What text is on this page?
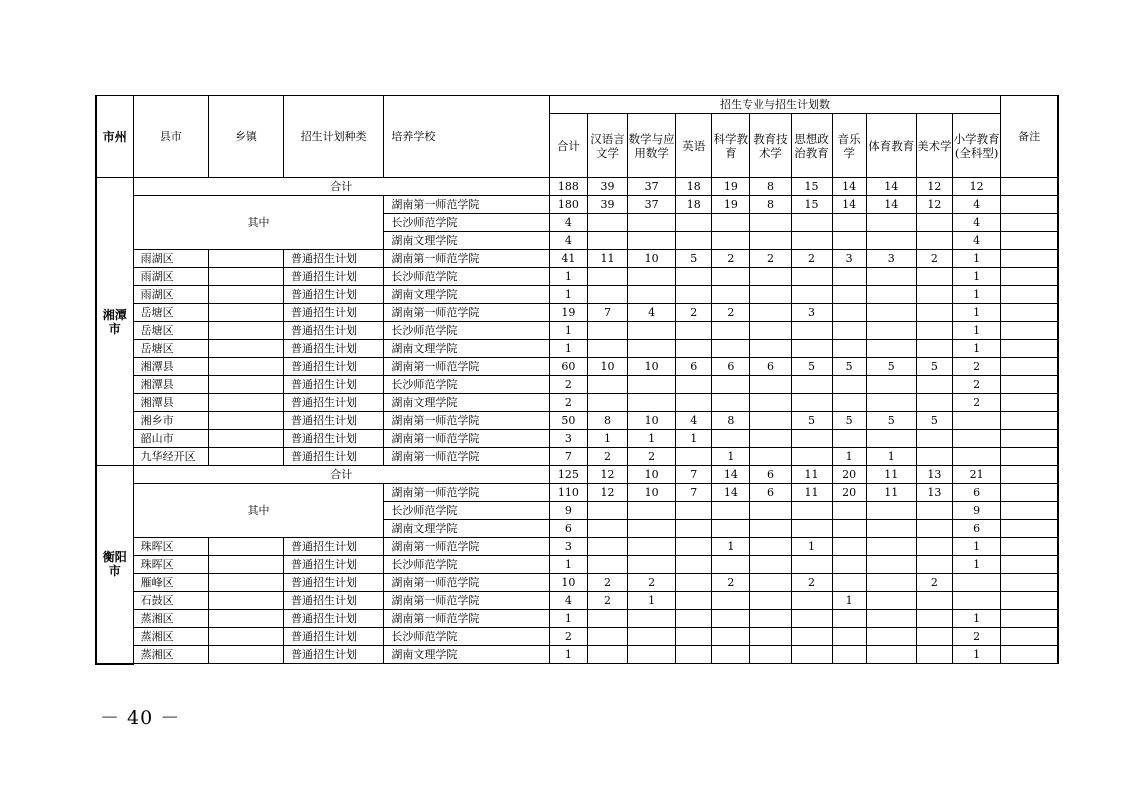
市州	县市	乡镇	招生计划种类	培养学校	招生专业与招生计划数											备注
					合计	汉语言文学	数学与应用数学	英语	科学教育	教育技术学	思想政治教育	音乐学	体育教育	美术学	小学教育(全科型)	
湘潭市	合计				188	39	37	18	19	8	15	14	14	12	12	
	其中			湖南第一师范学院	180	39	37	18	19	8	15	14	14	12	4	
				长沙师范学院	4										4	
				湖南文理学院	4										4	
	雨湖区		普通招生计划	湖南第一师范学院	41	11	10	5	2	2	2	3	3	2	1	
	雨湖区		普通招生计划	长沙师范学院	1										1	
	雨湖区		普通招生计划	湖南文理学院	1										1	
	岳塘区		普通招生计划	湖南第一师范学院	19	7	4	2	2		3				1	
	岳塘区		普通招生计划	长沙师范学院	1										1	
	岳塘区		普通招生计划	湖南文理学院	1										1	
	湘潭县		普通招生计划	湖南第一师范学院	60	10	10	6	6	6	5	5	5	5	2	
	湘潭县		普通招生计划	长沙师范学院	2										2	
	湘潭县		普通招生计划	湖南文理学院	2										2	
	湘乡市		普通招生计划	湖南第一师范学院	50	8	10	4	8		5	5	5	5		
	韶山市		普通招生计划	湖南第一师范学院	3	1	1	1								
	九华经开区		普通招生计划	湖南第一师范学院	7	2	2		1			1	1			
衡阳市	合计				125	12	10	7	14	6	11	20	11	13	21	
	其中			湖南第一师范学院	110	12	10	7	14	6	11	20	11	13	6	
				长沙师范学院	9										9	
				湖南文理学院	6										6	
	珠晖区		普通招生计划	湖南第一师范学院	3				1		1				1	
	珠晖区		普通招生计划	长沙师范学院	1										1	
	雁峰区		普通招生计划	湖南第一师范学院	10	2	2		2		2			2		
	石鼓区		普通招生计划	湖南第一师范学院	4	2	1					1				
	蒸湘区		普通招生计划	湖南第一师范学院	1										1	
	蒸湘区		普通招生计划	长沙师范学院	2										2	
	蒸湘区		普通招生计划	湖南文理学院	1										1	
－ 40 －
